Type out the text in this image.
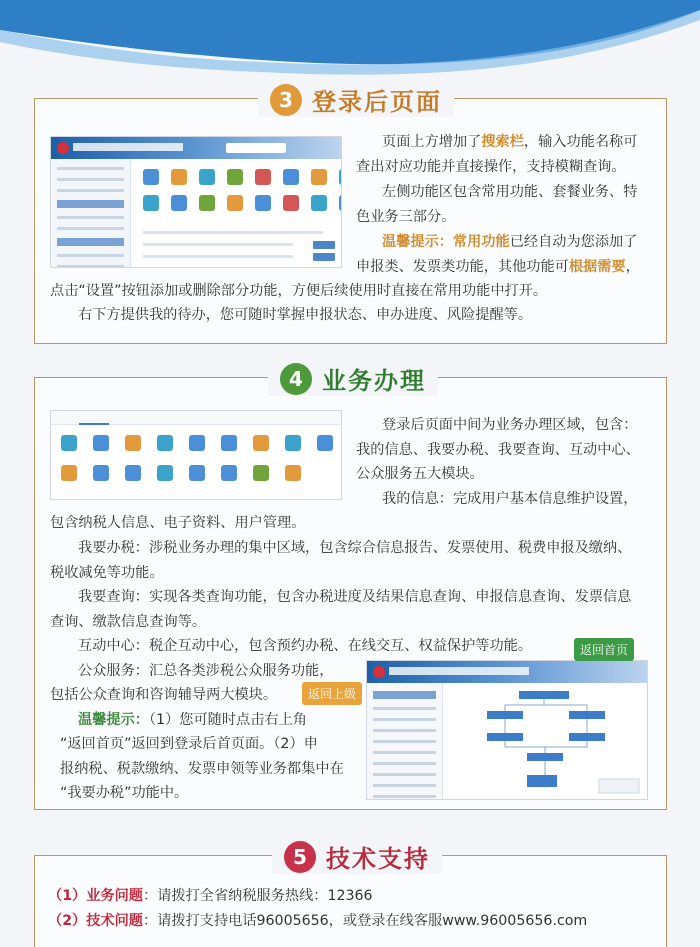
3 登录后页面
页面上方增加了搜索栏，输入功能名称可
查出对应功能并直接操作，支持模糊查询。
左侧功能区包含常用功能、套餐业务、特
色业务三部分。
温馨提示：常用功能已经自动为您添加了
申报类、发票类功能，其他功能可根据需要，
点击“设置”按钮添加或删除部分功能，方便后续使用时直接在常用功能中打开。
右下方提供我的待办，您可随时掌握申报状态、申办进度、风险提醒等。
4 业务办理
登录后页面中间为业务办理区域，包含：
我的信息、我要办税、我要查询、互动中心、
公众服务五大模块。
我的信息：完成用户基本信息维护设置，
包含纳税人信息、电子资料、用户管理。
我要办税：涉税业务办理的集中区域，包含综合信息报告、发票使用、税费申报及缴纳、
税收减免等功能。
我要查询：实现各类查询功能，包含办税进度及结果信息查询、申报信息查询、发票信息
查询、缴款信息查询等。
互动中心：税企互动中心，包含预约办税、在线交互、权益保护等功能。
公众服务：汇总各类涉税公众服务功能，
包括公众查询和咨询辅导两大模块。
温馨提示：（1）您可随时点击右上角
“返回首页”返回到登录后首页面。（2）申
报纳税、税款缴纳、发票申领等业务都集中在
“我要办税”功能中。
返回首页
返回上级
5 技术支持
（1）业务问题：请拨打全省纳税服务热线：12366
（2）技术问题：请拨打支持电话96005656，或登录在线客服www.96005656.com
